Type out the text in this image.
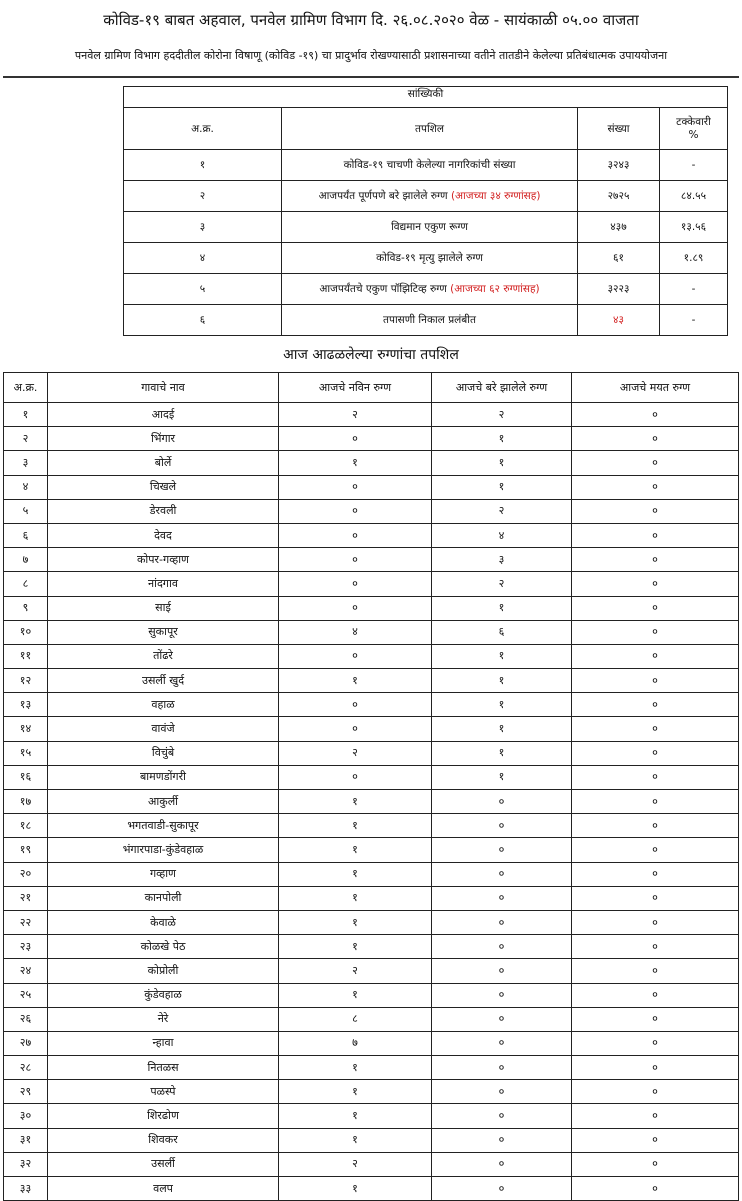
कोविड-१९ बाबत अहवाल, पनवेल ग्रामिण विभाग दि. २६.०८.२०२० वेळ - सायंकाळी ०५.०० वाजता
पनवेल ग्रामिण विभाग हददीतील कोरोना विषाणू (कोविड -१९) चा प्रादुर्भाव रोखण्यासाठी प्रशासनाच्या वतीने तातडीने केलेल्या प्रतिबंधात्मक उपाययोजना
सांख्यिकी			
अ.क्र.	तपशिल	संख्या	टक्केवारी
%
१	कोविड-१९ चाचणी केलेल्या नागरिकांची संख्या	३२४३	-
२	आजपर्यंत पूर्णपणे बरे झालेले रुग्ण (आजच्या ३४ रुग्णांसह)	२७२५	८४.५५
३	विद्यमान एकुण रूग्ण	४३७	१३.५६
४	कोविड-१९ मृत्यु झालेले रुग्ण	६१	१.८९
५	आजपर्यंतचे एकुण पॉझिटिव्ह रुग्ण (आजच्या ६२ रुग्णांसह)	३२२३	-
६	तपासणी निकाल प्रलंबीत	४३	-
आज आढळलेल्या रुग्णांचा तपशिल
अ.क्र.	गावाचे नाव	आजचे नविन रुग्ण	आजचे बरे झालेले रुग्ण	आजचे मयत रुग्ण
१	आदई	२	२	०
२	भिंगार	०	१	०
३	बोर्ले	१	१	०
४	चिखले	०	१	०
५	डेरवली	०	२	०
६	देवद	०	४	०
७	कोपर-गव्हाण	०	३	०
८	नांदगाव	०	२	०
९	साई	०	१	०
१०	सुकापूर	४	६	०
११	तोंढरे	०	१	०
१२	उसर्ली खुर्द	१	१	०
१३	वहाळ	०	१	०
१४	वावंजे	०	१	०
१५	विचुंबे	२	१	०
१६	बामणडोंगरी	०	१	०
१७	आकुर्ली	१	०	०
१८	भगतवाडी-सुकापूर	१	०	०
१९	भंगारपाडा-कुंडेवहाळ	१	०	०
२०	गव्हाण	१	०	०
२१	कानपोली	१	०	०
२२	केवाळे	१	०	०
२३	कोळखे पेठ	१	०	०
२४	कोप्रोली	२	०	०
२५	कुंडेवहाळ	१	०	०
२६	नेरे	८	०	०
२७	न्हावा	७	०	०
२८	नितळस	१	०	०
२९	पळस्पे	१	०	०
३०	शिरढोण	१	०	०
३१	शिवकर	१	०	०
३२	उसर्ली	२	०	०
३३	वलप	१	०	०
